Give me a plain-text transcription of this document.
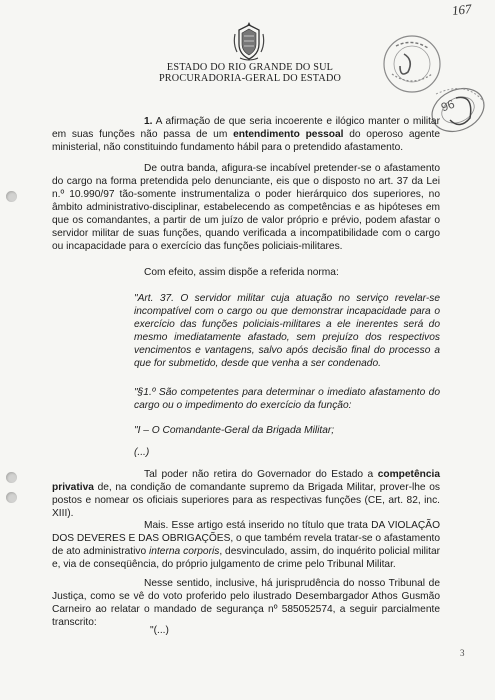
167
ESTADO DO RIO GRANDE DO SUL
PROCURADORIA-GERAL DO ESTADO
96

1. A afirmação de que seria incoerente e ilógico manter o militar em suas funções não passa de um entendimento pessoal do operoso agente ministerial, não constituindo fundamento hábil para o pretendido afastamento.

De outra banda, afigura-se incabível pretender-se o afastamento do cargo na forma pretendida pelo denunciante, eis que o disposto no art. 37 da Lei n.º 10.990/97 tão-somente instrumentaliza o poder hierárquico dos superiores, no âmbito administrativo-disciplinar, estabelecendo as competências e as hipóteses em que os comandantes, a partir de um juízo de valor próprio e prévio, podem afastar o servidor militar de suas funções, quando verificada a incompatibilidade com o cargo ou incapacidade para o exercício das funções policiais-militares.

Com efeito, assim dispõe a referida norma:

"Art. 37. O servidor militar cuja atuação no serviço revelar-se incompatível com o cargo ou que demonstrar incapacidade para o exercício das funções policiais-militares a ele inerentes será do mesmo imediatamente afastado, sem prejuízo dos respectivos vencimentos e vantagens, salvo após decisão final do processo a que for submetido, desde que venha a ser condenado.

"§1.º São competentes para determinar o imediato afastamento do cargo ou o impedimento do exercício da função:

"I – O Comandante-Geral da Brigada Militar;

(...)

Tal poder não retira do Governador do Estado a competência privativa de, na condição de comandante supremo da Brigada Militar, prover-lhe os postos e nomear os oficiais superiores para as respectivas funções (CE, art. 82, inc. XIII).

Mais. Esse artigo está inserido no título que trata DA VIOLAÇÃO DOS DEVERES E DAS OBRIGAÇÕES, o que também revela tratar-se o afastamento de ato administrativo interna corporis, desvinculado, assim, do inquérito policial militar e, via de conseqüência, do próprio julgamento de crime pelo Tribunal Militar.

Nesse sentido, inclusive, há jurisprudência do nosso Tribunal de Justiça, como se vê do voto proferido pelo ilustrado Desembargador Athos Gusmão Carneiro ao relatar o mandado de segurança nº 585052574, a seguir parcialmente transcrito:

"(...)

3
